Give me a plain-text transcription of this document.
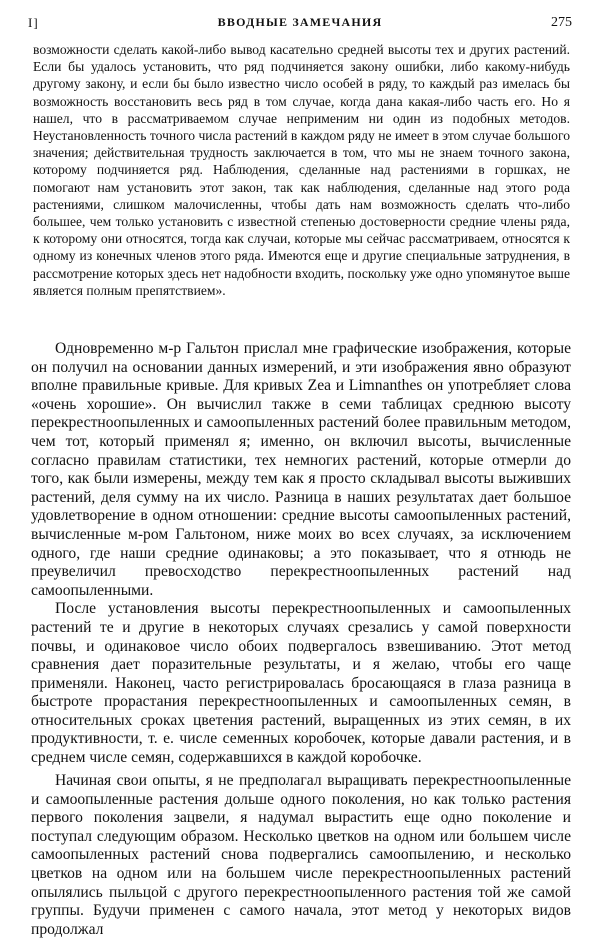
I]	ВВОДНЫЕ ЗАМЕЧАНИЯ	275
возможности сделать какой-либо вывод касательно средней высоты тех и других растений. Если бы удалось установить, что ряд подчиняется закону ошибки, либо какому-нибудь другому закону, и если бы было известно число особей в ряду, то каждый раз имелась бы возможность восстановить весь ряд в том случае, когда дана какая-либо часть его. Но я нашел, что в рассматриваемом случае неприменим ни один из подобных методов. Неустановленность точного числа растений в каждом ряду не имеет в этом случае большого значения; действительная трудность заключается в том, что мы не знаем точного закона, которому подчиняется ряд. Наблюдения, сделанные над растениями в горшках, не помогают нам установить этот закон, так как наблюдения, сделанные над этого рода растениями, слишком малочисленны, чтобы дать нам возможность сделать что-либо большее, чем только установить с известной степенью достоверности средние члены ряда, к которому они относятся, тогда как случаи, которые мы сейчас рассматриваем, относятся к одному из конечных членов этого ряда. Имеются еще и другие специальные затруднения, в рассмотрение которых здесь нет надобности входить, поскольку уже одно упомянутое выше является полным препятствием».

Одновременно м-р Гальтон прислал мне графические изображения, которые он получил на основании данных измерений, и эти изображения явно образуют вполне правильные кривые. Для кривых Zea и Limnanthes он употребляет слова «очень хорошие». Он вычислил также в семи таблицах среднюю высоту перекрестноопыленных и самоопыленных растений более правильным методом, чем тот, который применял я; именно, он включил высоты, вычисленные согласно правилам статистики, тех немногих растений, которые отмерли до того, как были измерены, между тем как я просто складывал высоты выживших растений, деля сумму на их число. Разница в наших результатах дает большое удовлетворение в одном отношении: средние высоты самоопыленных растений, вычисленные м-ром Гальтоном, ниже моих во всех случаях, за исключением одного, где наши средние одинаковы; а это показывает, что я отнюдь не преувеличил превосходство перекрестноопыленных растений над самоопыленными.

После установления высоты перекрестноопыленных и самоопыленных растений те и другие в некоторых случаях срезались у самой поверхности почвы, и одинаковое число обоих подвергалось взвешиванию. Этот метод сравнения дает поразительные результаты, и я желаю, чтобы его чаще применяли. Наконец, часто регистрировалась бросающаяся в глаза разница в быстроте прорастания перекрестноопыленных и самоопыленных семян, в относительных сроках цветения растений, выращенных из этих семян, в их продуктивности, т. е. числе семенных коробочек, которые давали растения, и в среднем числе семян, содержавшихся в каждой коробочке.

Начиная свои опыты, я не предполагал выращивать перекрестноопыленные и самоопыленные растения дольше одного поколения, но как только растения первого поколения зацвели, я надумал вырастить еще одно поколение и поступал следующим образом. Несколько цветков на одном или большем числе самоопыленных растений снова подвергались самоопылению, и несколько цветков на одном или на большем числе перекрестноопыленных растений опылялись пыльцой с другого перекрестноопыленного растения той же самой группы. Будучи применен с самого начала, этот метод у некоторых видов продолжал
